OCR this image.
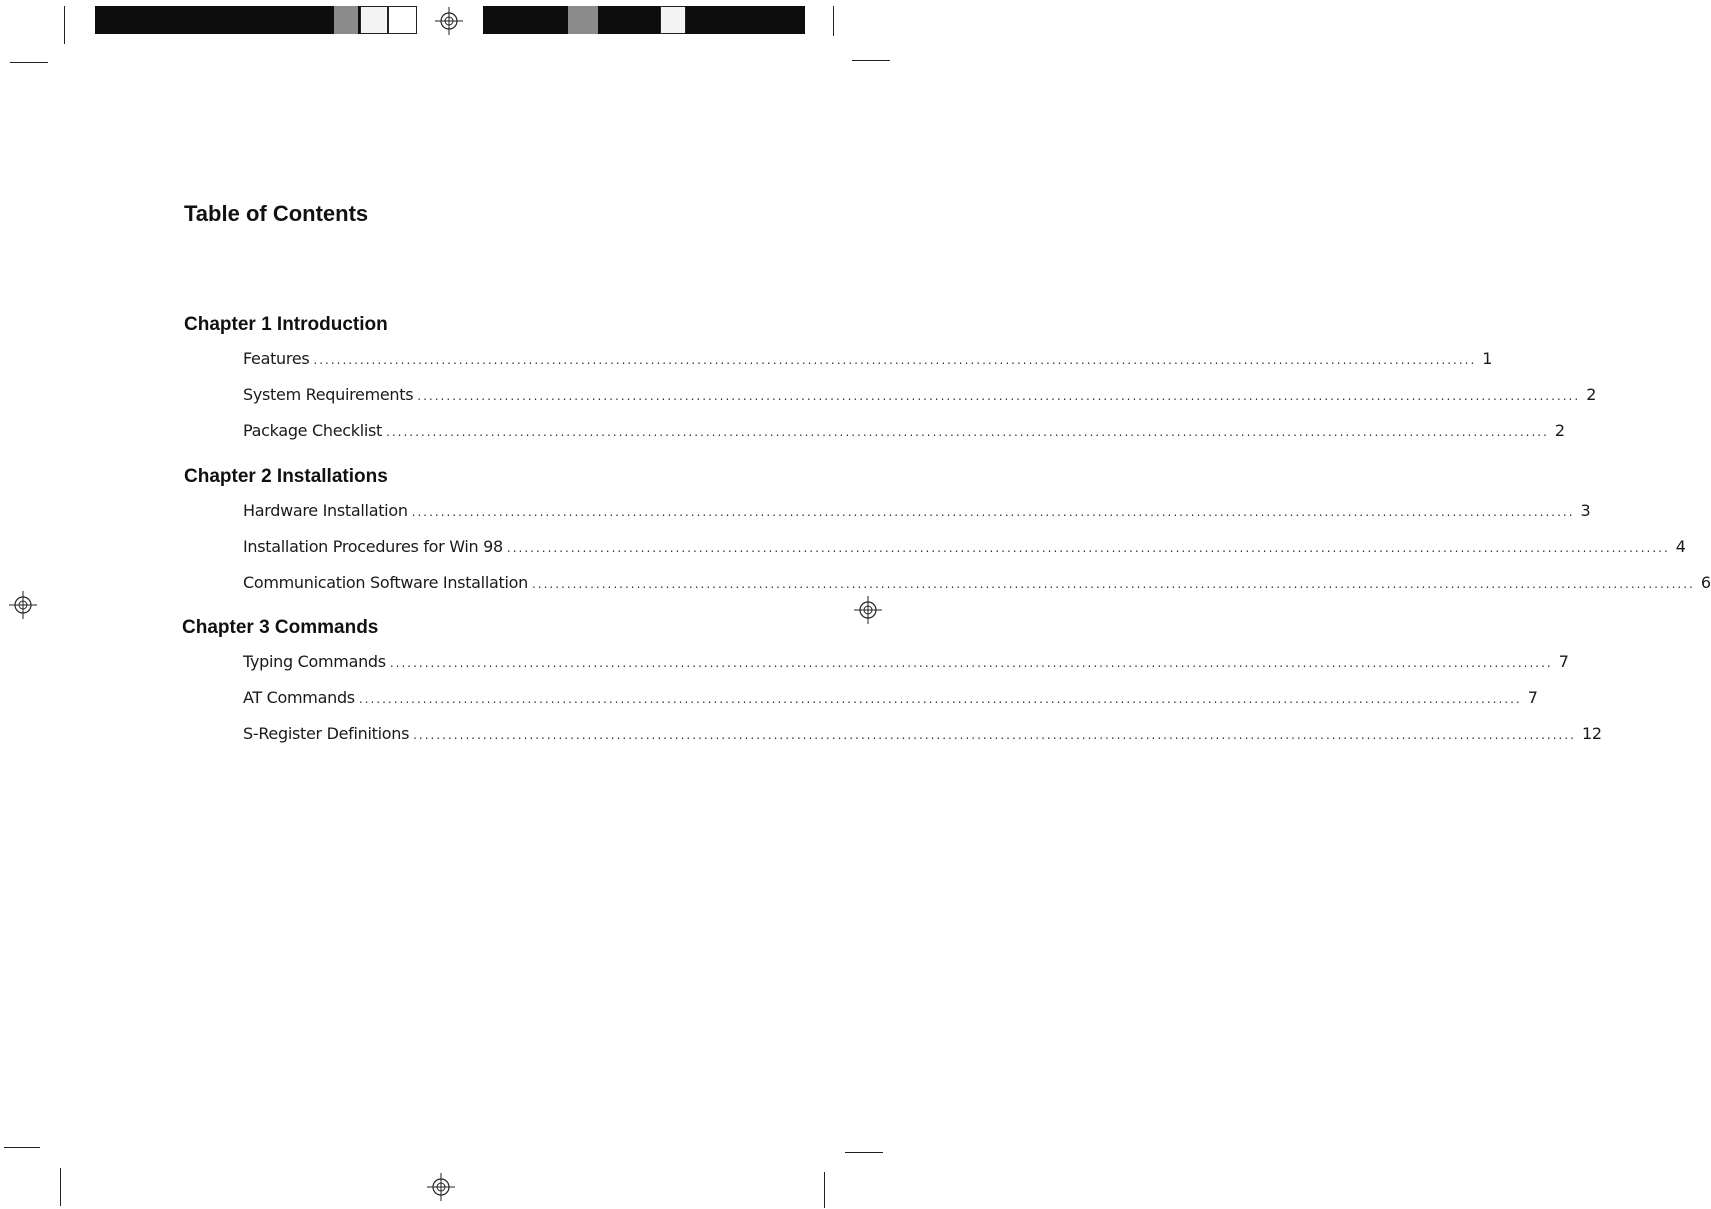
Table of Contents
Chapter 1 Introduction
Features ........................................................................................................................................................................................................ 1
System Requirements ........................................................................................................................................................................................................ 2
Package Checklist ........................................................................................................................................................................................................ 2
Chapter 2 Installations
Hardware Installation ........................................................................................................................................................................................................ 3
Installation Procedures for Win 98 ........................................................................................................................................................................................................ 4
Communication Software Installation ........................................................................................................................................................................................................ 6
Chapter 3 Commands
Typing Commands ........................................................................................................................................................................................................ 7
AT Commands ........................................................................................................................................................................................................ 7
S-Register Definitions ........................................................................................................................................................................................................ 12
